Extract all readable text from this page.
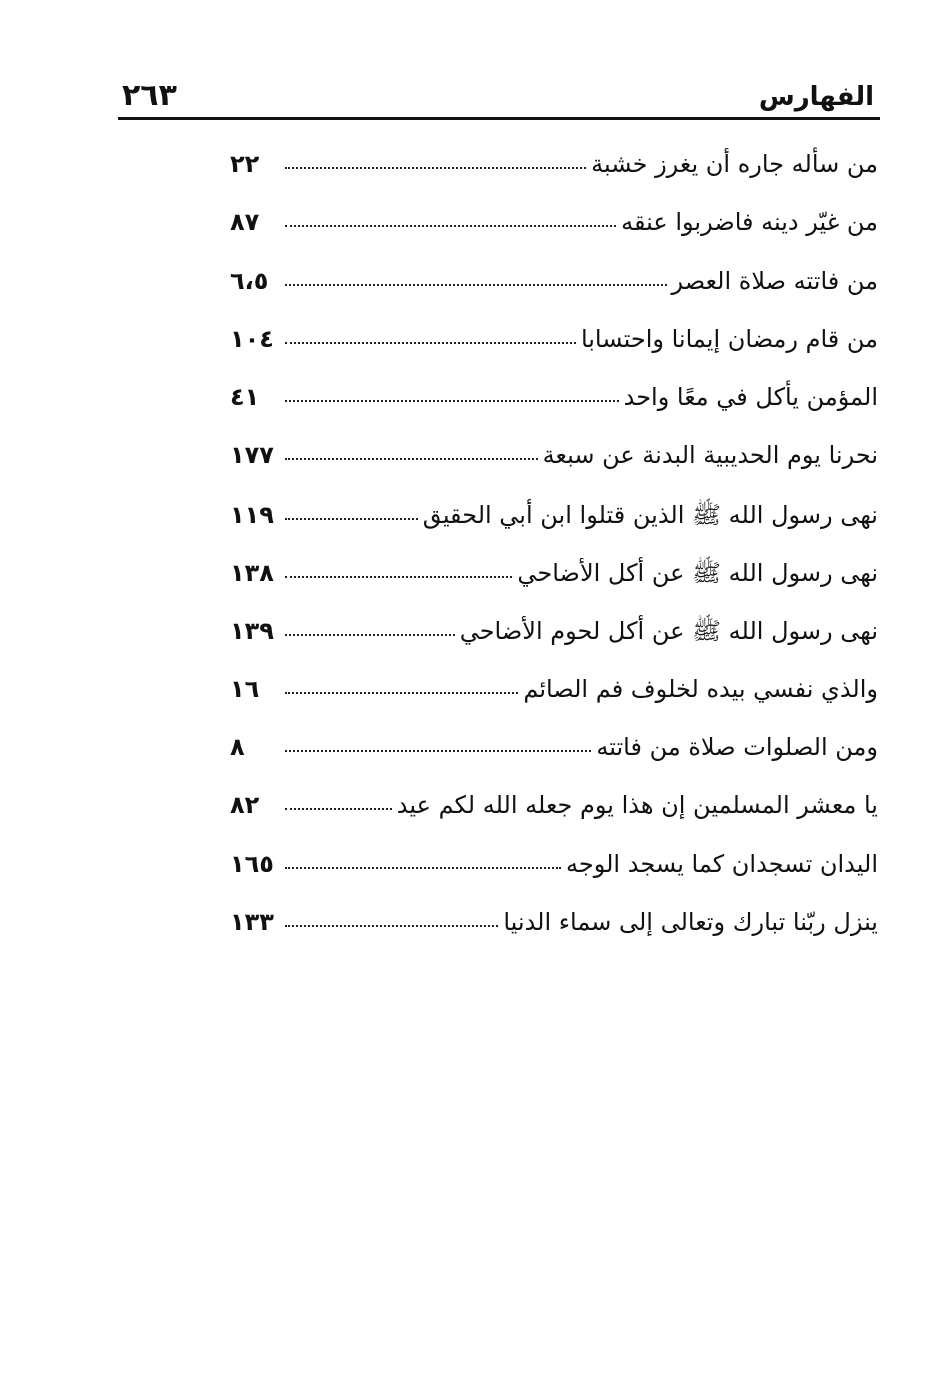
الفهارس
٢٦٣
من سأله جاره أن يغرز خشبة
٢٢
من غيّر دينه فاضربوا عنقه
٨٧
من فاتته صلاة العصر
٦،٥
من قام رمضان إيمانا واحتسابا
١٠٤
المؤمن يأكل في معًا واحد
٤١
نحرنا يوم الحديبية البدنة عن سبعة
١٧٧
نهى رسول الله ﷺ الذين قتلوا ابن أبي الحقيق
١١٩
نهى رسول الله ﷺ عن أكل الأضاحي
١٣٨
نهى رسول الله ﷺ عن أكل لحوم الأضاحي
١٣٩
والذي نفسي بيده لخلوف فم الصائم
١٦
ومن الصلوات صلاة من فاتته
٨
يا معشر المسلمين إن هذا يوم جعله الله لكم عيد
٨٢
اليدان تسجدان كما يسجد الوجه
١٦٥
ينزل ربّنا تبارك وتعالى إلى سماء الدنيا
١٣٣
